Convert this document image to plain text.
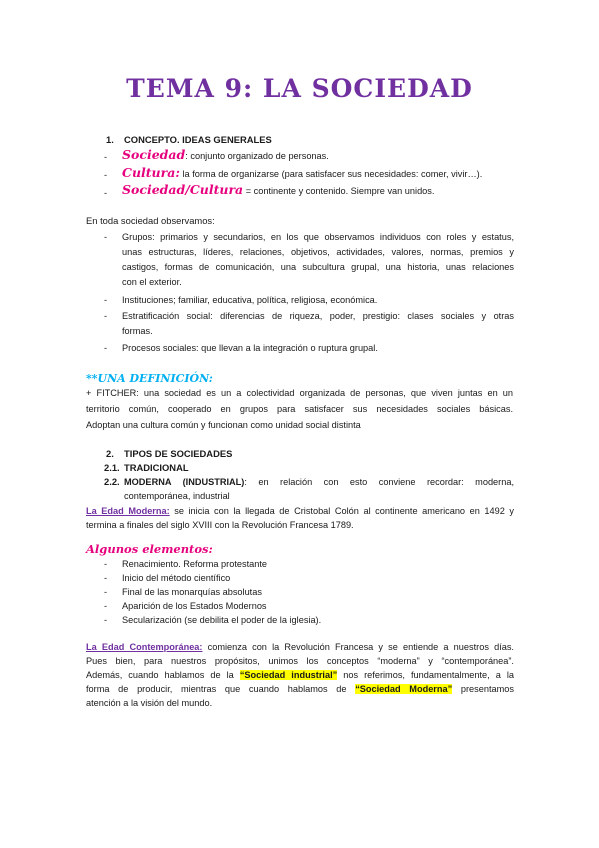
TEMA 9: LA SOCIEDAD
1. CONCEPTO. IDEAS GENERALES
- Sociedad: conjunto organizado de personas.
- Cultura: la forma de organizarse (para satisfacer sus necesidades: comer, vivir…).
- Sociedad/Cultura = continente y contenido. Siempre van unidos.
En toda sociedad observamos:
- Grupos: primarios y secundarios, en los que observamos individuos con roles y estatus,
unas estructuras, líderes, relaciones, objetivos, actividades, valores, normas, premios y
castigos, formas de comunicación, una subcultura grupal, una historia, unas relaciones
con el exterior.
- Instituciones; familiar, educativa, política, religiosa, económica.
- Estratificación social: diferencias de riqueza, poder, prestigio: clases sociales y otras
formas.
- Procesos sociales: que llevan a la integración o ruptura grupal.
**UNA DEFINICIÓN:
+ FITCHER: una sociedad es un a colectividad organizada de personas, que viven juntas en un
territorio común, cooperado en grupos para satisfacer sus necesidades sociales básicas.
Adoptan una cultura común y funcionan como unidad social distinta
2. TIPOS DE SOCIEDADES
2.1. TRADICIONAL
2.2. MODERNA (INDUSTRIAL): en relación con esto conviene recordar: moderna,
contemporánea, industrial
La Edad Moderna: se inicia con la llegada de Cristobal Colón al continente americano en 1492 y
termina a finales del siglo XVIII con la Revolución Francesa 1789.
Algunos elementos:
- Renacimiento. Reforma protestante
- Inicio del método científico
- Final de las monarquías absolutas
- Aparición de los Estados Modernos
- Secularización (se debilita el poder de la iglesia).
La Edad Contemporánea: comienza con la Revolución Francesa y se entiende a nuestros días.
Pues bien, para nuestros propósitos, unimos los conceptos “moderna” y “contemporánea”.
Además, cuando hablamos de la “Sociedad industrial” nos referimos, fundamentalmente, a la
forma de producir, mientras que cuando hablamos de “Sociedad Moderna” presentamos
atención a la visión del mundo.
